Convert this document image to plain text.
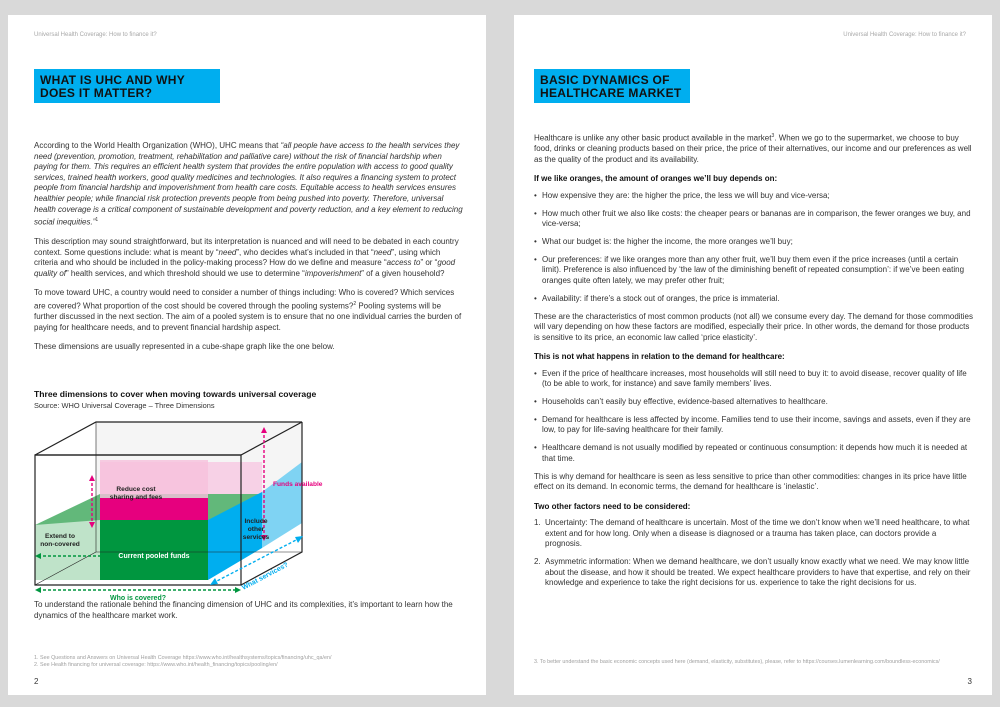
Universal Health Coverage: How to finance it?
WHAT IS UHC AND WHY DOES IT MATTER?

According to the World Health Organization (WHO), UHC means that “all people have access to the health services they need (prevention, promotion, treatment, rehabilitation and palliative care) without the risk of financial hardship when paying for them. This requires an efficient health system that provides the entire population with access to good quality services, trained health workers, good quality medicines and technologies. It also requires a financing system to protect people from financial hardship and impoverishment from health care costs. Equitable access to health services ensures healthier people; while financial risk protection prevents people from being pushed into poverty. Therefore, universal health coverage is a critical component of sustainable development and poverty reduction, and a key element to reducing social inequities.”$^1$

This description may sound straightforward, but its interpretation is nuanced and will need to be debated in each country context. Some questions include: what is meant by “need”, who decides what’s included in that “need”, using which criteria and who should be included in the policy-making process? How do we define and measure “access to” or “good quality of” health services, and which threshold should we use to determine “impoverishment” of a given household?

To move toward UHC, a country would need to consider a number of things including: Who is covered? Which services are covered? What proportion of the cost should be covered through the pooling systems?$^2$ Pooling systems will be further discussed in the next section. The aim of a pooled system is to ensure that no one individual carries the burden of paying for healthcare needs, and to prevent financial hardship aspect.

These dimensions are usually represented in a cube-shape graph like the one below.

Three dimensions to cover when moving towards universal coverage
Source: WHO Universal Coverage – Three Dimensions
Reduce cost
sharing and fees
Funds available
Extend to
non-covered
Include
other
services
Current pooled funds
Who is covered?
What services?

To understand the rationale behind the financing dimension of UHC and its complexities, it’s important to learn how the dynamics of the healthcare market work.

1. See Questions and Answers on Universal Health Coverage https://www.who.int/healthsystems/topics/financing/uhc_qa/en/
2. See Health financing for universal coverage: https://www.who.int/health_financing/topics/pooling/en/
2
Universal Health Coverage: How to finance it?
BASIC DYNAMICS OF HEALTHCARE MARKET

Healthcare is unlike any other basic product available in the market$^3$. When we go to the supermarket, we choose to buy food, drinks or cleaning products based on their price, the price of their alternatives, our income and our preferences as well as the quality of the product and its availability.

If we like oranges, the amount of oranges we’ll buy depends on:

• How expensive they are: the higher the price, the less we will buy and vice-versa;
• How much other fruit we also like costs: the cheaper pears or bananas are in comparison, the fewer oranges we buy, and vice-versa;
• What our budget is: the higher the income, the more oranges we’ll buy;
• Our preferences: if we like oranges more than any other fruit, we’ll buy them even if the price increases (until a certain limit). Preference is also influenced by ‘the law of the diminishing benefit of repeated consumption’: if we’ve been eating oranges quite often lately, we may prefer other fruit;
• Availability: if there’s a stock out of oranges, the price is immaterial.

These are the characteristics of most common products (not all) we consume every day. The demand for those commodities will vary depending on how these factors are modified, especially their price. In other words, the demand for those products is sensitive to its price, an economic law called ‘price elasticity’.

This is not what happens in relation to the demand for healthcare:

• Even if the price of healthcare increases, most households will still need to buy it: to avoid disease, recover quality of life (to be able to work, for instance) and save family members’ lives.
• Households can’t easily buy effective, evidence-based alternatives to healthcare.
• Demand for healthcare is less affected by income. Families tend to use their income, savings and assets, even if they are low, to pay for life-saving healthcare for their family.
• Healthcare demand is not usually modified by repeated or continuous consumption: it depends how much it is needed at that time.

This is why demand for healthcare is seen as less sensitive to price than other commodities: changes in its price have little effect on its demand. In economic terms, the demand for healthcare is ‘inelastic’.

Two other factors need to be considered:

1. Uncertainty: The demand of healthcare is uncertain. Most of the time we don’t know when we’ll need healthcare, to what extent and for how long. Only when a disease is diagnosed or a trauma has taken place, can doctors provide a prognosis.
2. Asymmetric information: When we demand healthcare, we don’t usually know exactly what we need. We may know little about the disease, and how it should be treated. We expect healthcare providers to have that expertise, and rely on their knowledge and experience to take the right decisions for us. experience to take the right decisions for us.
3. To better understand the basic economic concepts used here (demand, elasticity, substitutes), please, refer to https://courses.lumenlearning.com/boundless-economics/
3
